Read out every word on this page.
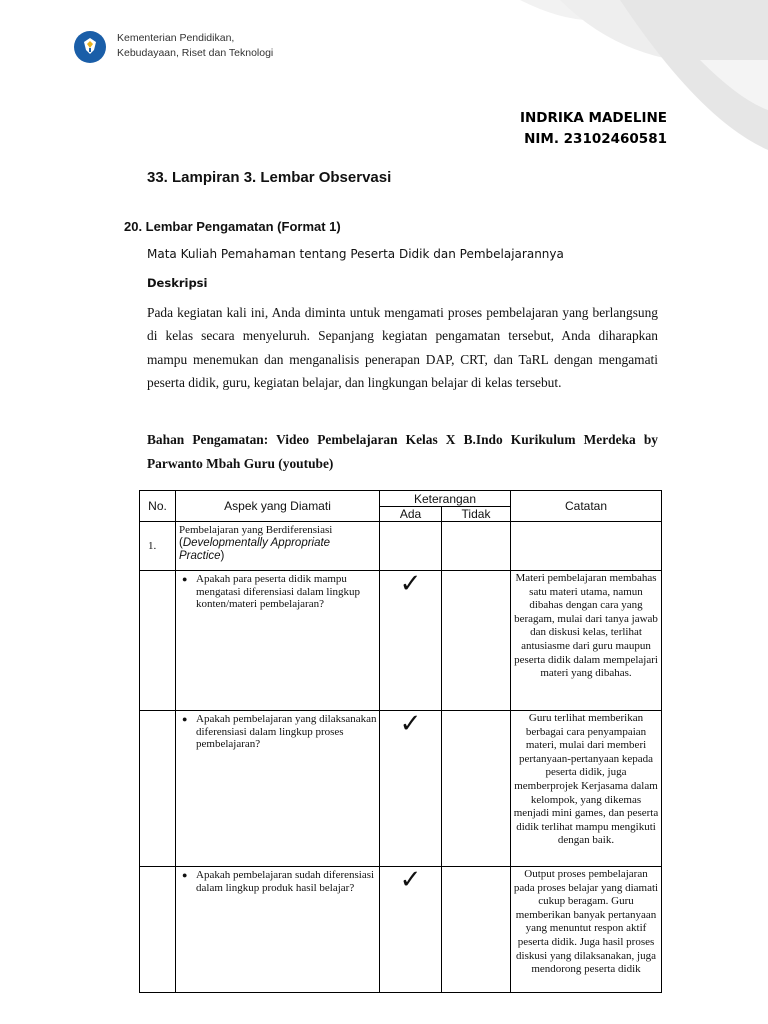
Kementerian Pendidikan,
Kebudayaan, Riset dan Teknologi
INDRIKA MADELINE
NIM. 23102460581
33. Lampiran 3. Lembar Observasi
20. Lembar Pengamatan (Format 1)
Mata Kuliah Pemahaman tentang Peserta Didik dan Pembelajarannya
Deskripsi
Pada kegiatan kali ini, Anda diminta untuk mengamati proses pembelajaran yang berlangsung di kelas secara menyeluruh. Sepanjang kegiatan pengamatan tersebut, Anda diharapkan mampu menemukan dan menganalisis penerapan DAP, CRT, dan TaRL dengan mengamati peserta didik, guru, kegiatan belajar, dan lingkungan belajar di kelas tersebut.
Bahan Pengamatan: Video Pembelajaran Kelas X B.Indo Kurikulum Merdeka by Parwanto Mbah Guru (youtube)
No.	Aspek yang Diamati	Keterangan		Catatan
		Ada	Tidak	
1.	Pembelajaran yang Berdiferensiasi
(Developmentally Appropriate Practice)			

	● Apakah para peserta didik mampu mengatasi diferensiasi dalam lingkup konten/materi pembelajaran?	✓		Materi pembelajaran membahas satu materi utama, namun dibahas dengan cara yang beragam, mulai dari tanya jawab dan diskusi kelas, terlihat antusiasme dari guru maupun peserta didik dalam mempelajari materi yang dibahas.

	● Apakah pembelajaran yang dilaksanakan diferensiasi dalam lingkup proses pembelajaran?	✓		Guru terlihat memberikan berbagai cara penyampaian materi, mulai dari memberi pertanyaan-pertanyaan kepada peserta didik, juga memberprojek Kerjasama dalam kelompok, yang dikemas menjadi mini games, dan peserta didik terlihat mampu mengikuti dengan baik.

	● Apakah pembelajaran sudah diferensiasi dalam lingkup produk hasil belajar?	✓		Output proses pembelajaran pada proses belajar yang diamati cukup beragam. Guru memberikan banyak pertanyaan yang menuntut respon aktif peserta didik. Juga hasil proses diskusi yang dilaksanakan, juga mendorong peserta didik
